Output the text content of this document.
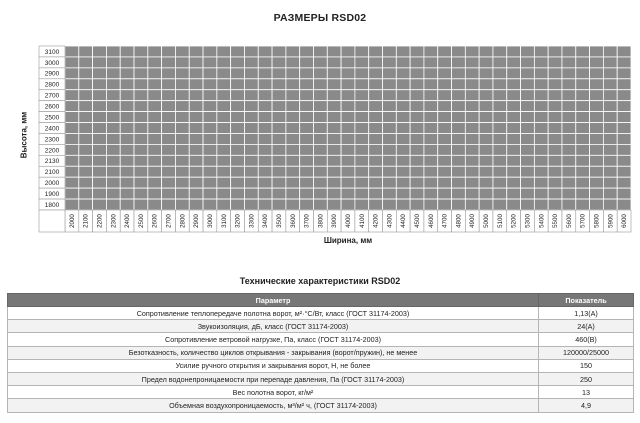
РАЗМЕРЫ RSD02
3100
3000
2900
2800
2700
2600
2500
2400
2300
2200
2130
2100
2000
1900
1800
2000 2100 2200 2300 2400 2500 2600 2700 2800 2900 3000 3100 3200 3300 3400 3500 3600 3700 3800 3900 4000 4100 4200 4300 4400 4500 4600 4700 4800 4900 5000 5100 5200 5300 5400 5500 5600 5700 5800 5900 6000
Высота, мм
Ширина, мм
Технические характеристики RSD02
Параметр	Показатель
Сопротивление теплопередаче полотна ворот, м²·°С/Вт, класс (ГОСТ 31174-2003)	1,13(А)
Звукоизоляция, дБ, класс (ГОСТ 31174-2003)	24(А)
Сопротивление ветровой нагрузке, Па, класс (ГОСТ 31174-2003)	460(В)
Безотказность, количество циклов открывания - закрывания (ворот/пружин), не менее	120000/25000
Усилие ручного открытия и закрывания ворот, Н, не более	150
Предел водонепроницаемости при перепаде давления, Па (ГОСТ 31174-2003)	250
Вес полотна ворот, кг/м²	13
Объемная воздухопроницаемость, м³/м² ч, (ГОСТ 31174-2003)	4,9
